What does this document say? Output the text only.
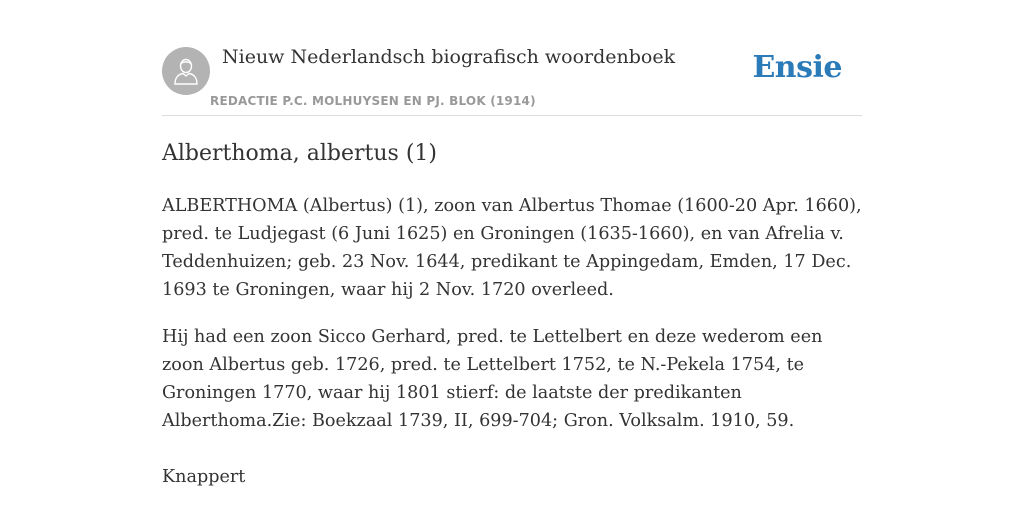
Nieuw Nederlandsch biografisch woordenboek
REDACTIE P.C. MOLHUYSEN EN PJ. BLOK (1914)
Ensie
Alberthoma, albertus (1)

ALBERTHOMA (Albertus) (1), zoon van Albertus Thomae (1600-20 Apr. 1660), pred. te Ludjegast (6 Juni 1625) en Groningen (1635-1660), en van Afrelia v. Teddenhuizen; geb. 23 Nov. 1644, predikant te Appingedam, Emden, 17 Dec. 1693 te Groningen, waar hij 2 Nov. 1720 overleed.

Hij had een zoon Sicco Gerhard, pred. te Lettelbert en deze wederom een zoon Albertus geb. 1726, pred. te Lettelbert 1752, te N.-Pekela 1754, te Groningen 1770, waar hij 1801 stierf: de laatste der predikanten Alberthoma.Zie: Boekzaal 1739, II, 699-704; Gron. Volksalm. 1910, 59.

Knappert
